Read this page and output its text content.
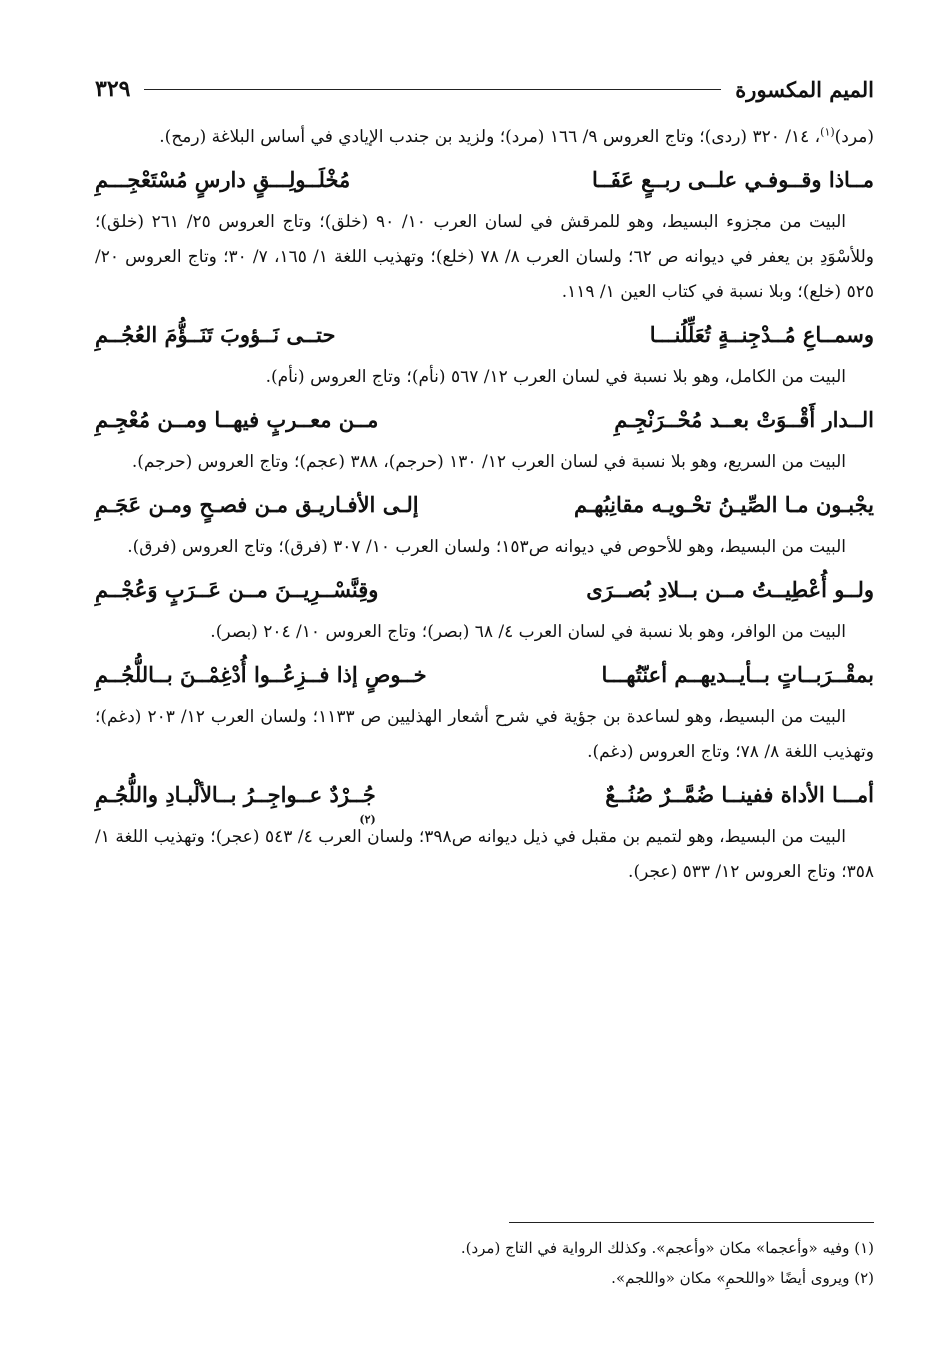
الميم المكسورة
٣٢٩

(مرد)$^{(١)}$، ١٤/ ٣٢٠ (ردى)؛ وتاج العروس ٩/ ١٦٦ (مرد)؛ ولزيد بن جندب الإيادي في أساس البلاغة (رمح).

مــاذا وقــوفـي علــى ربــعٍ عَفَــا
مُخْلَــولِـــقٍ دارسٍ مُسْتَعْجِـــمِ

البيت من مجزوء البسيط، وهو للمرقش في لسان العرب ١٠/ ٩٠ (خلق)؛ وتاج العروس ٢٥/ ٢٦١ (خلق)؛ وللأسْوَدِ بن يعفر في ديوانه ص ٦٢؛ ولسان العرب ٨/ ٧٨ (خلع)؛ وتهذيب اللغة ١/ ١٦٥، ٧/ ٣٠؛ وتاج العروس ٢٠/ ٥٢٥ (خلع)؛ وبلا نسبة في كتاب العين ١/ ١١٩.

وسمــاعِ مُــدْجِنــةٍ تُعَلِّلُنـــا
حتــى نَــؤوبَ تَنَــؤُّمَ العُجُــمِ

البيت من الكامل، وهو بلا نسبة في لسان العرب ١٢/ ٥٦٧ (نأم)؛ وتاج العروس (نأم).

الــدار أَقْــوَتْ بعــد مُحْــرَنْجِـمِ
مــن معــربٍ فيهــا ومــن مُعْجِـمِ

البيت من السريع، وهو بلا نسبة في لسان العرب ١٢/ ١٣٠ (حرجم)، ٣٨٨ (عجم)؛ وتاج العروس (حرجم).

يجْبـون مـا الصِّيـنُ تحْـويـه مقانِبُهـم
إلـى الأفـاريـق مـن فصـحٍ ومـن عَجَـمِ

البيت من البسيط، وهو للأحوص في ديوانه ص١٥٣؛ ولسان العرب ١٠/ ٣٠٧ (فرق)؛ وتاج العروس (فرق).

ولــو أُعْطِيــتُ مــن بــلادِ بُصــرَى
وقِنَّسْــرِيــنَ مــن عَــرَبٍ وَعُجْــمِ

البيت من الوافر، وهو بلا نسبة في لسان العرب ٤/ ٦٨ (بصر)؛ وتاج العروس ١٠/ ٢٠٤ (بصر).

بمقْــرَبــاتٍ بــأيــديهــم أعنّتُهـــا
خــوصٍ إذا فــزِعُــوا أُدْغِمْــنَ بــاللُّجُــمِ

البيت من البسيط، وهو لساعدة بن جؤية في شرح أشعار الهذليين ص ١١٣٣؛ ولسان العرب ١٢/ ٢٠٣ (دغم)؛ وتهذيب اللغة ٨/ ٧٨؛ وتاج العروس (دغم).

أمـــا الأداة ففينــا ضُمَّــرٌ صُنُــعٌ
جُــرْدٌ عــواجِــرُ بــالألْبـادِ واللُّجُـمِ
(٢)

البيت من البسيط، وهو لتميم بن مقبل في ذيل ديوانه ص٣٩٨؛ ولسان العرب ٤/ ٥٤٣ (عجر)؛ وتهذيب اللغة ١/ ٣٥٨؛ وتاج العروس ١٢/ ٥٣٣ (عجر).

(١) وفيه «وأعجما» مكان «وأعجم». وكذلك الرواية في التاج (مرد).

(٢) ويروى أيضًا «واللحمِ» مكان «واللجم».
